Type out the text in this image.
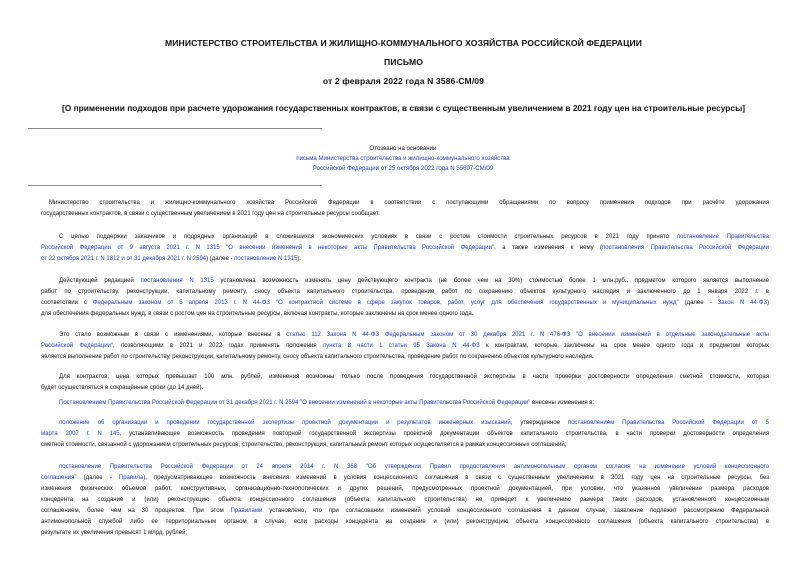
МИНИСТЕРСТВО СТРОИТЕЛЬСТВА И ЖИЛИЩНО-КОММУНАЛЬНОГО ХОЗЯЙСТВА РОССИЙСКОЙ ФЕДЕРАЦИИ
ПИСЬМО
от 2 февраля 2022 года N 3586-СМ/09
[О применении подходов при расчете удорожания государственных контрактов, в связи с существенным увеличением в 2021 году цен на строительные ресурсы]
Отозвано на основании
письма Министерства строительства и жилищно-коммунального хозяйства
Российской Федерации от 25 октября 2022 года N 55697-СМ/09
Министерство строительства и жилищно-коммунального хозяйства Российской Федерации в соответствии с поступающими обращениями по вопросу применения подходов при расчёте удорожания
государственных контрактов, в связи с существенным увеличением в 2021 году цен на строительные ресурсы сообщает.
С целью поддержки заказчиков и подрядных организаций в сложившихся экономических условиях в связи с ростом стоимости строительных ресурсов в 2021 году принято постановление Правительства
Российской Федерации от 9 августа 2021 г. N 1315 "О внесении изменений в некоторые акты Правительства Российской Федерации", а также изменения к нему (постановления Правительства Российской Федерации
от 22 октября 2021 г. N 1812 и от 31 декабря 2021 г. N 2594) (далее - постановление N 1315).
Действующей редакцией постановления N 1315 установлена возможность изменять цену действующего контракта (не более чем на 30%) стоимостью более 1 млн.руб., предметом которого является выполнение
работ по строительству, реконструкции, капитальному ремонту, сносу объекта капитального строительства, проведение работ по сохранению объектов культурного наследия и заключенного до 1 января 2022 г. в
соответствии с Федеральным законом от 5 апреля 2013 г. N 44-ФЗ "О контрактной системе в сфере закупок товаров, работ, услуг для обеспечения государственных и муниципальных нужд" (далее - Закон N 44-ФЗ)
для обеспечения федеральных нужд, в связи с ростом цен на строительные ресурсы, включая контракты, которые заключены на срок менее одного года.
Это стало возможным в связи с изменениями, которые внесены в статью 112 Закона N 44-ФЗ Федеральным законом от 30 декабря 2021 г. N 476-ФЗ "О внесении изменений в отдельные законодательные акты
Российской Федерации", позволяющими в 2021 и 2022 годах применять положения пункта 8 части 1 статьи 95 Закона N 44-ФЗ к контрактам, которые заключены на срок менее одного года и предметом которых
является выполнение работ по строительству, реконструкции, капитальному ремонту, сносу объекта капитального строительства, проведение работ по сохранению объектов культурного наследия.
Для контрактов, цена которых превышает 100 млн. рублей, изменения возможны только после проведения государственной экспертизы в части проверки достоверности определения сметной стоимости, которая
будет осуществляться в сокращённые сроки (до 14 дней).
Постановлением Правительства Российской Федерации от 31 декабря 2021 г. N 2594 "О внесении изменений в некоторые акты Правительства Российской Федерации" внесены изменения в:
положение об организации и проведении государственной экспертизы проектной документации и результатов инженерных изысканий, утвержденное постановлением Правительства Российской Федерации от 5
марта 2007 г. N 145, устанавливающее возможность проведения повторной государственной экспертизы проектной документации объектов капитального строительства, в части проверки достоверности определения
сметной стоимости, связанной с удорожанием строительных ресурсов, строительство, реконструкция, капитальный ремонт которых осуществляется в рамках концессионных соглашений;
постановление Правительства Российской Федерации от 24 апреля 2014 г. N 368 "Об утверждении Правил предоставления антимонопольным органом согласия на изменение условий концессионного
соглашения" (далее - Правила), предусматривающее возможность внесения изменений в условия концессионного соглашения в связи с существенным увеличением в 2021 году цен на строительные ресурсы, без
изменения физических объемов работ, конструктивных, организационно-технологических и других решений, предусмотренных проектной документацией, при условии, что указанное увеличение размера расходов
концедента на создание и (или) реконструкцию объекта концессионного соглашения (объекта капитального строительства) не приведет к увеличению размера таких расходов, установленного концессионным
соглашением, более чем на 30 процентов. При этом Правилами установлено, что при согласовании изменений условий концессионного соглашения в данном случае, заявление подлежит рассмотрению Федеральной
антимонопольной службой либо ее территориальным органом в случае, если расходы концедента на создание и (или) реконструкцию объекта концессионного соглашения (объекта капитального строительства) в
результате их увеличения превысят 1 млрд. рублей;
